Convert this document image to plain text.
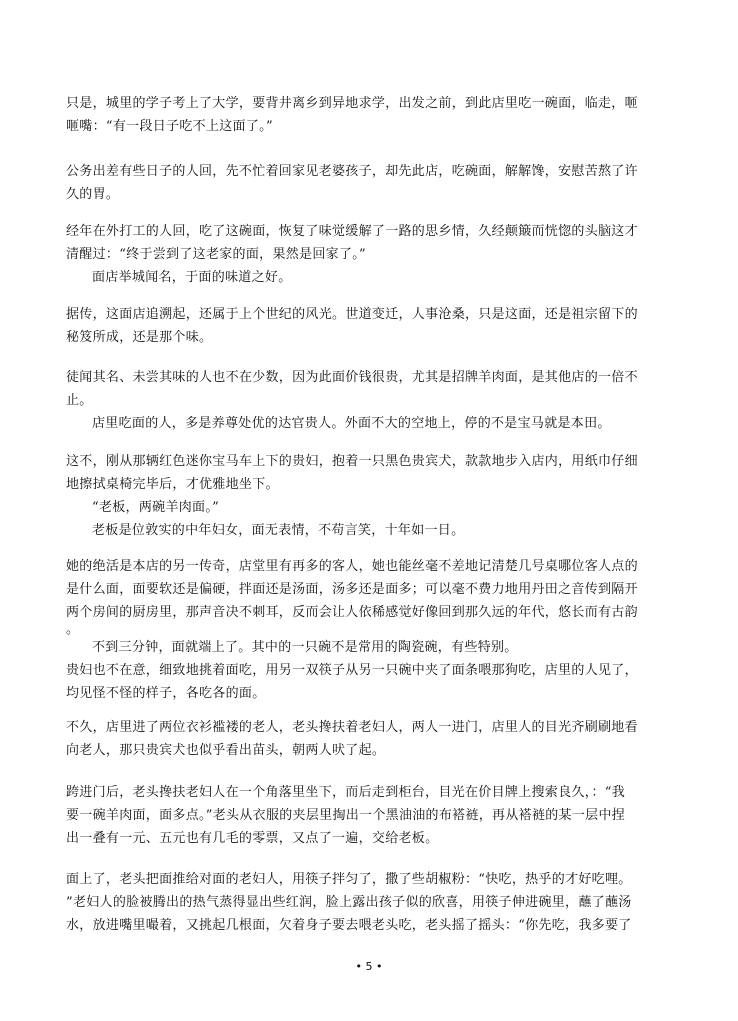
只是，城里的学子考上了大学，要背井离乡到异地求学，出发之前，到此店里吃一碗面，临走，咂

咂嘴：“有一段日子吃不上这面了。”

公务出差有些日子的人回，先不忙着回家见老婆孩子，却先此店，吃碗面，解解馋，安慰苦熬了许

久的胃。

经年在外打工的人回，吃了这碗面，恢复了味觉缓解了一路的思乡情，久经颠簸而恍惚的头脑这才

清醒过：“终于尝到了这老家的面，果然是回家了。”

面店举城闻名，于面的味道之好。

据传，这面店追溯起，还属于上个世纪的风光。世道变迁，人事沧桑，只是这面，还是祖宗留下的

秘笈所成，还是那个味。

徒闻其名、未尝其味的人也不在少数，因为此面价钱很贵，尤其是招牌羊肉面，是其他店的一倍不

止。

店里吃面的人，多是养尊处优的达官贵人。外面不大的空地上，停的不是宝马就是本田。

这不，刚从那辆红色迷你宝马车上下的贵妇，抱着一只黑色贵宾犬，款款地步入店内，用纸巾仔细

地擦拭桌椅完毕后，才优雅地坐下。

“老板，两碗羊肉面。”

老板是位敦实的中年妇女，面无表情，不苟言笑，十年如一日。

她的绝活是本店的另一传奇，店堂里有再多的客人，她也能丝毫不差地记清楚几号桌哪位客人点的

是什么面，面要软还是偏硬，拌面还是汤面，汤多还是面多；可以毫不费力地用丹田之音传到隔开

两个房间的厨房里，那声音决不刺耳，反而会让人依稀感觉好像回到那久远的年代，悠长而有古韵

。

不到三分钟，面就端上了。其中的一只碗不是常用的陶瓷碗，有些特别。

贵妇也不在意，细致地挑着面吃，用另一双筷子从另一只碗中夹了面条喂那狗吃，店里的人见了，

均见怪不怪的样子，各吃各的面。

不久，店里进了两位衣衫褴褛的老人，老头搀扶着老妇人，两人一进门，店里人的目光齐刷刷地看

向老人，那只贵宾犬也似乎看出苗头，朝两人吠了起。

跨进门后，老头搀扶老妇人在一个角落里坐下，而后走到柜台，目光在价目牌上搜索良久，：“我

要一碗羊肉面，面多点。”老头从衣服的夹层里掏出一个黑油油的布褡裢，再从褡裢的某一层中捏

出一叠有一元、五元也有几毛的零票，又点了一遍，交给老板。

面上了，老头把面推给对面的老妇人，用筷子拌匀了，撒了些胡椒粉：“快吃，热乎的才好吃哩。

”老妇人的脸被腾出的热气蒸得显出些红润，脸上露出孩子似的欣喜，用筷子伸进碗里，蘸了蘸汤

水，放进嘴里嘬着，又挑起几根面，欠着身子要去喂老头吃，老头摇了摇头：“你先吃，我多要了

• 5 •
